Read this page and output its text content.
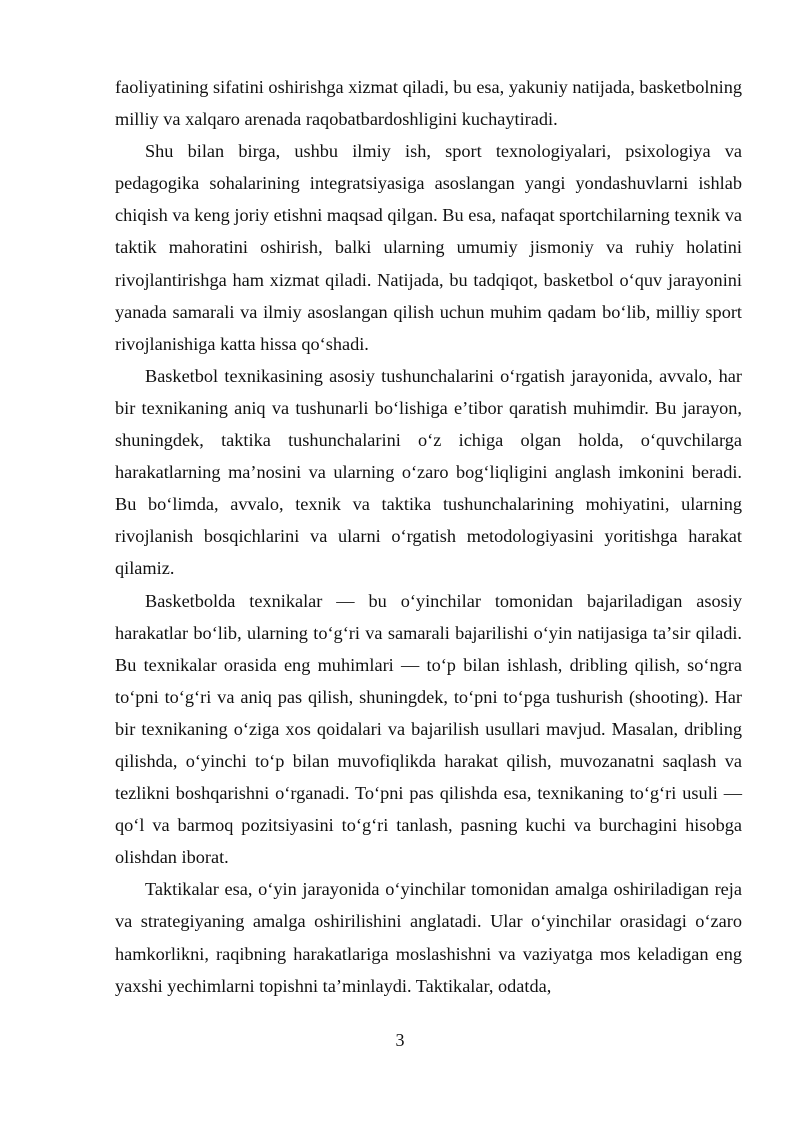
faoliyatining sifatini oshirishga xizmat qiladi, bu esa, yakuniy natijada, basketbolning milliy va xalqaro arenada raqobatbardoshligini kuchaytiradi.

Shu bilan birga, ushbu ilmiy ish, sport texnologiyalari, psixologiya va pedagogika sohalarining integratsiyasiga asoslangan yangi yondashuvlarni ishlab chiqish va keng joriy etishni maqsad qilgan. Bu esa, nafaqat sportchilarning texnik va taktik mahoratini oshirish, balki ularning umumiy jismoniy va ruhiy holatini rivojlantirishga ham xizmat qiladi. Natijada, bu tadqiqot, basketbol oʻquv jarayonini yanada samarali va ilmiy asoslangan qilish uchun muhim qadam boʻlib, milliy sport rivojlanishiga katta hissa qoʻshadi.

Basketbol texnikasining asosiy tushunchalarini oʻrgatish jarayonida, avvalo, har bir texnikaning aniq va tushunarli boʻlishiga eʼtibor qaratish muhimdir. Bu jarayon, shuningdek, taktika tushunchalarini oʻz ichiga olgan holda, oʻquvchilarga harakatlarning maʼnosini va ularning oʻzaro bogʻliqligini anglash imkonini beradi. Bu boʻlimda, avvalo, texnik va taktika tushunchalarining mohiyatini, ularning rivojlanish bosqichlarini va ularni oʻrgatish metodologiyasini yoritishga harakat qilamiz.

Basketbolda texnikalar — bu oʻyinchilar tomonidan bajariladigan asosiy harakatlar boʻlib, ularning toʻgʻri va samarali bajarilishi oʻyin natijasiga taʼsir qiladi. Bu texnikalar orasida eng muhimlari — toʻp bilan ishlash, dribling qilish, soʻngra toʻpni toʻgʻri va aniq pas qilish, shuningdek, toʻpni toʻpga tushurish (shooting). Har bir texnikaning oʻziga xos qoidalari va bajarilish usullari mavjud. Masalan, dribling qilishda, oʻyinchi toʻp bilan muvofiqlikda harakat qilish, muvozanatni saqlash va tezlikni boshqarishni oʻrganadi. Toʻpni pas qilishda esa, texnikaning toʻgʻri usuli — qoʻl va barmoq pozitsiyasini toʻgʻri tanlash, pasning kuchi va burchagini hisobga olishdan iborat.

Taktikalar esa, oʻyin jarayonida oʻyinchilar tomonidan amalga oshiriladigan reja va strategiyaning amalga oshirilishini anglatadi. Ular oʻyinchilar orasidagi oʻzaro hamkorlikni, raqibning harakatlariga moslashishni va vaziyatga mos keladigan eng yaxshi yechimlarni topishni taʼminlaydi. Taktikalar, odatda,

3
